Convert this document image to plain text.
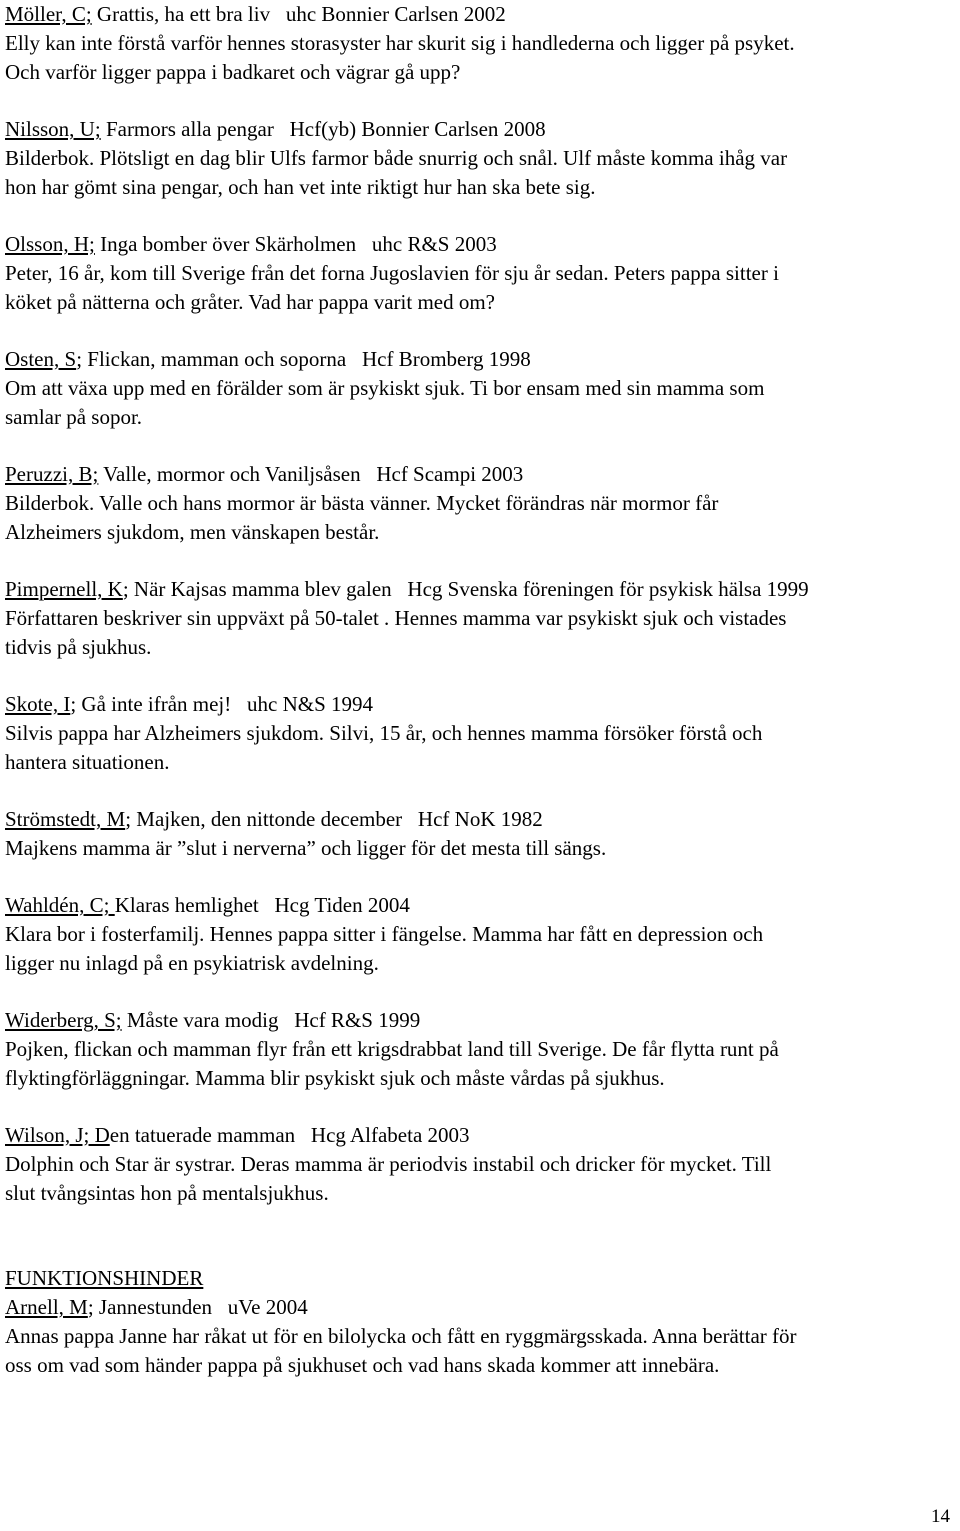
Möller, C; Grattis, ha ett bra liv   uhc Bonnier Carlsen 2002
Elly kan inte förstå varför hennes storasyster har skurit sig i handlederna och ligger på psyket.
Och varför ligger pappa i badkaret och vägrar gå upp?
Nilsson, U; Farmors alla pengar   Hcf(yb) Bonnier Carlsen 2008
Bilderbok. Plötsligt en dag blir Ulfs farmor både snurrig och snål. Ulf måste komma ihåg var
hon har gömt sina pengar, och han vet inte riktigt hur han ska bete sig.
Olsson, H; Inga bomber över Skärholmen   uhc R&S 2003
Peter, 16 år, kom till Sverige från det forna Jugoslavien för sju år sedan. Peters pappa sitter i
köket på nätterna och gråter. Vad har pappa varit med om?
Osten, S; Flickan, mamman och soporna   Hcf Bromberg 1998
Om att växa upp med en förälder som är psykiskt sjuk. Ti bor ensam med sin mamma som
samlar på sopor.
Peruzzi, B; Valle, mormor och Vaniljsåsen   Hcf Scampi 2003
Bilderbok. Valle och hans mormor är bästa vänner. Mycket förändras när mormor får
Alzheimers sjukdom, men vänskapen består.
Pimpernell, K; När Kajsas mamma blev galen   Hcg Svenska föreningen för psykisk hälsa 1999
Författaren beskriver sin uppväxt på 50-talet . Hennes mamma var psykiskt sjuk och vistades
tidvis på sjukhus.
Skote, I; Gå inte ifrån mej!   uhc N&S 1994
Silvis pappa har Alzheimers sjukdom. Silvi, 15 år, och hennes mamma försöker förstå och
hantera situationen.
Strömstedt, M; Majken, den nittonde december   Hcf NoK 1982
Majkens mamma är ”slut i nerverna” och ligger för det mesta till sängs.
Wahldén, C; Klaras hemlighet   Hcg Tiden 2004
Klara bor i fosterfamilj. Hennes pappa sitter i fängelse. Mamma har fått en depression och
ligger nu inlagd på en psykiatrisk avdelning.
Widerberg, S; Måste vara modig   Hcf R&S 1999
Pojken, flickan och mamman flyr från ett krigsdrabbat land till Sverige. De får flytta runt på
flyktingförläggningar. Mamma blir psykiskt sjuk och måste vårdas på sjukhus.
Wilson, J; Den tatuerade mamman   Hcg Alfabeta 2003
Dolphin och Star är systrar. Deras mamma är periodvis instabil och dricker för mycket. Till
slut tvångsintas hon på mentalsjukhus.
FUNKTIONSHINDER
Arnell, M; Jannestunden   uVe 2004
Annas pappa Janne har råkat ut för en bilolycka och fått en ryggmärgsskada. Anna berättar för
oss om vad som händer pappa på sjukhuset och vad hans skada kommer att innebära.
14
